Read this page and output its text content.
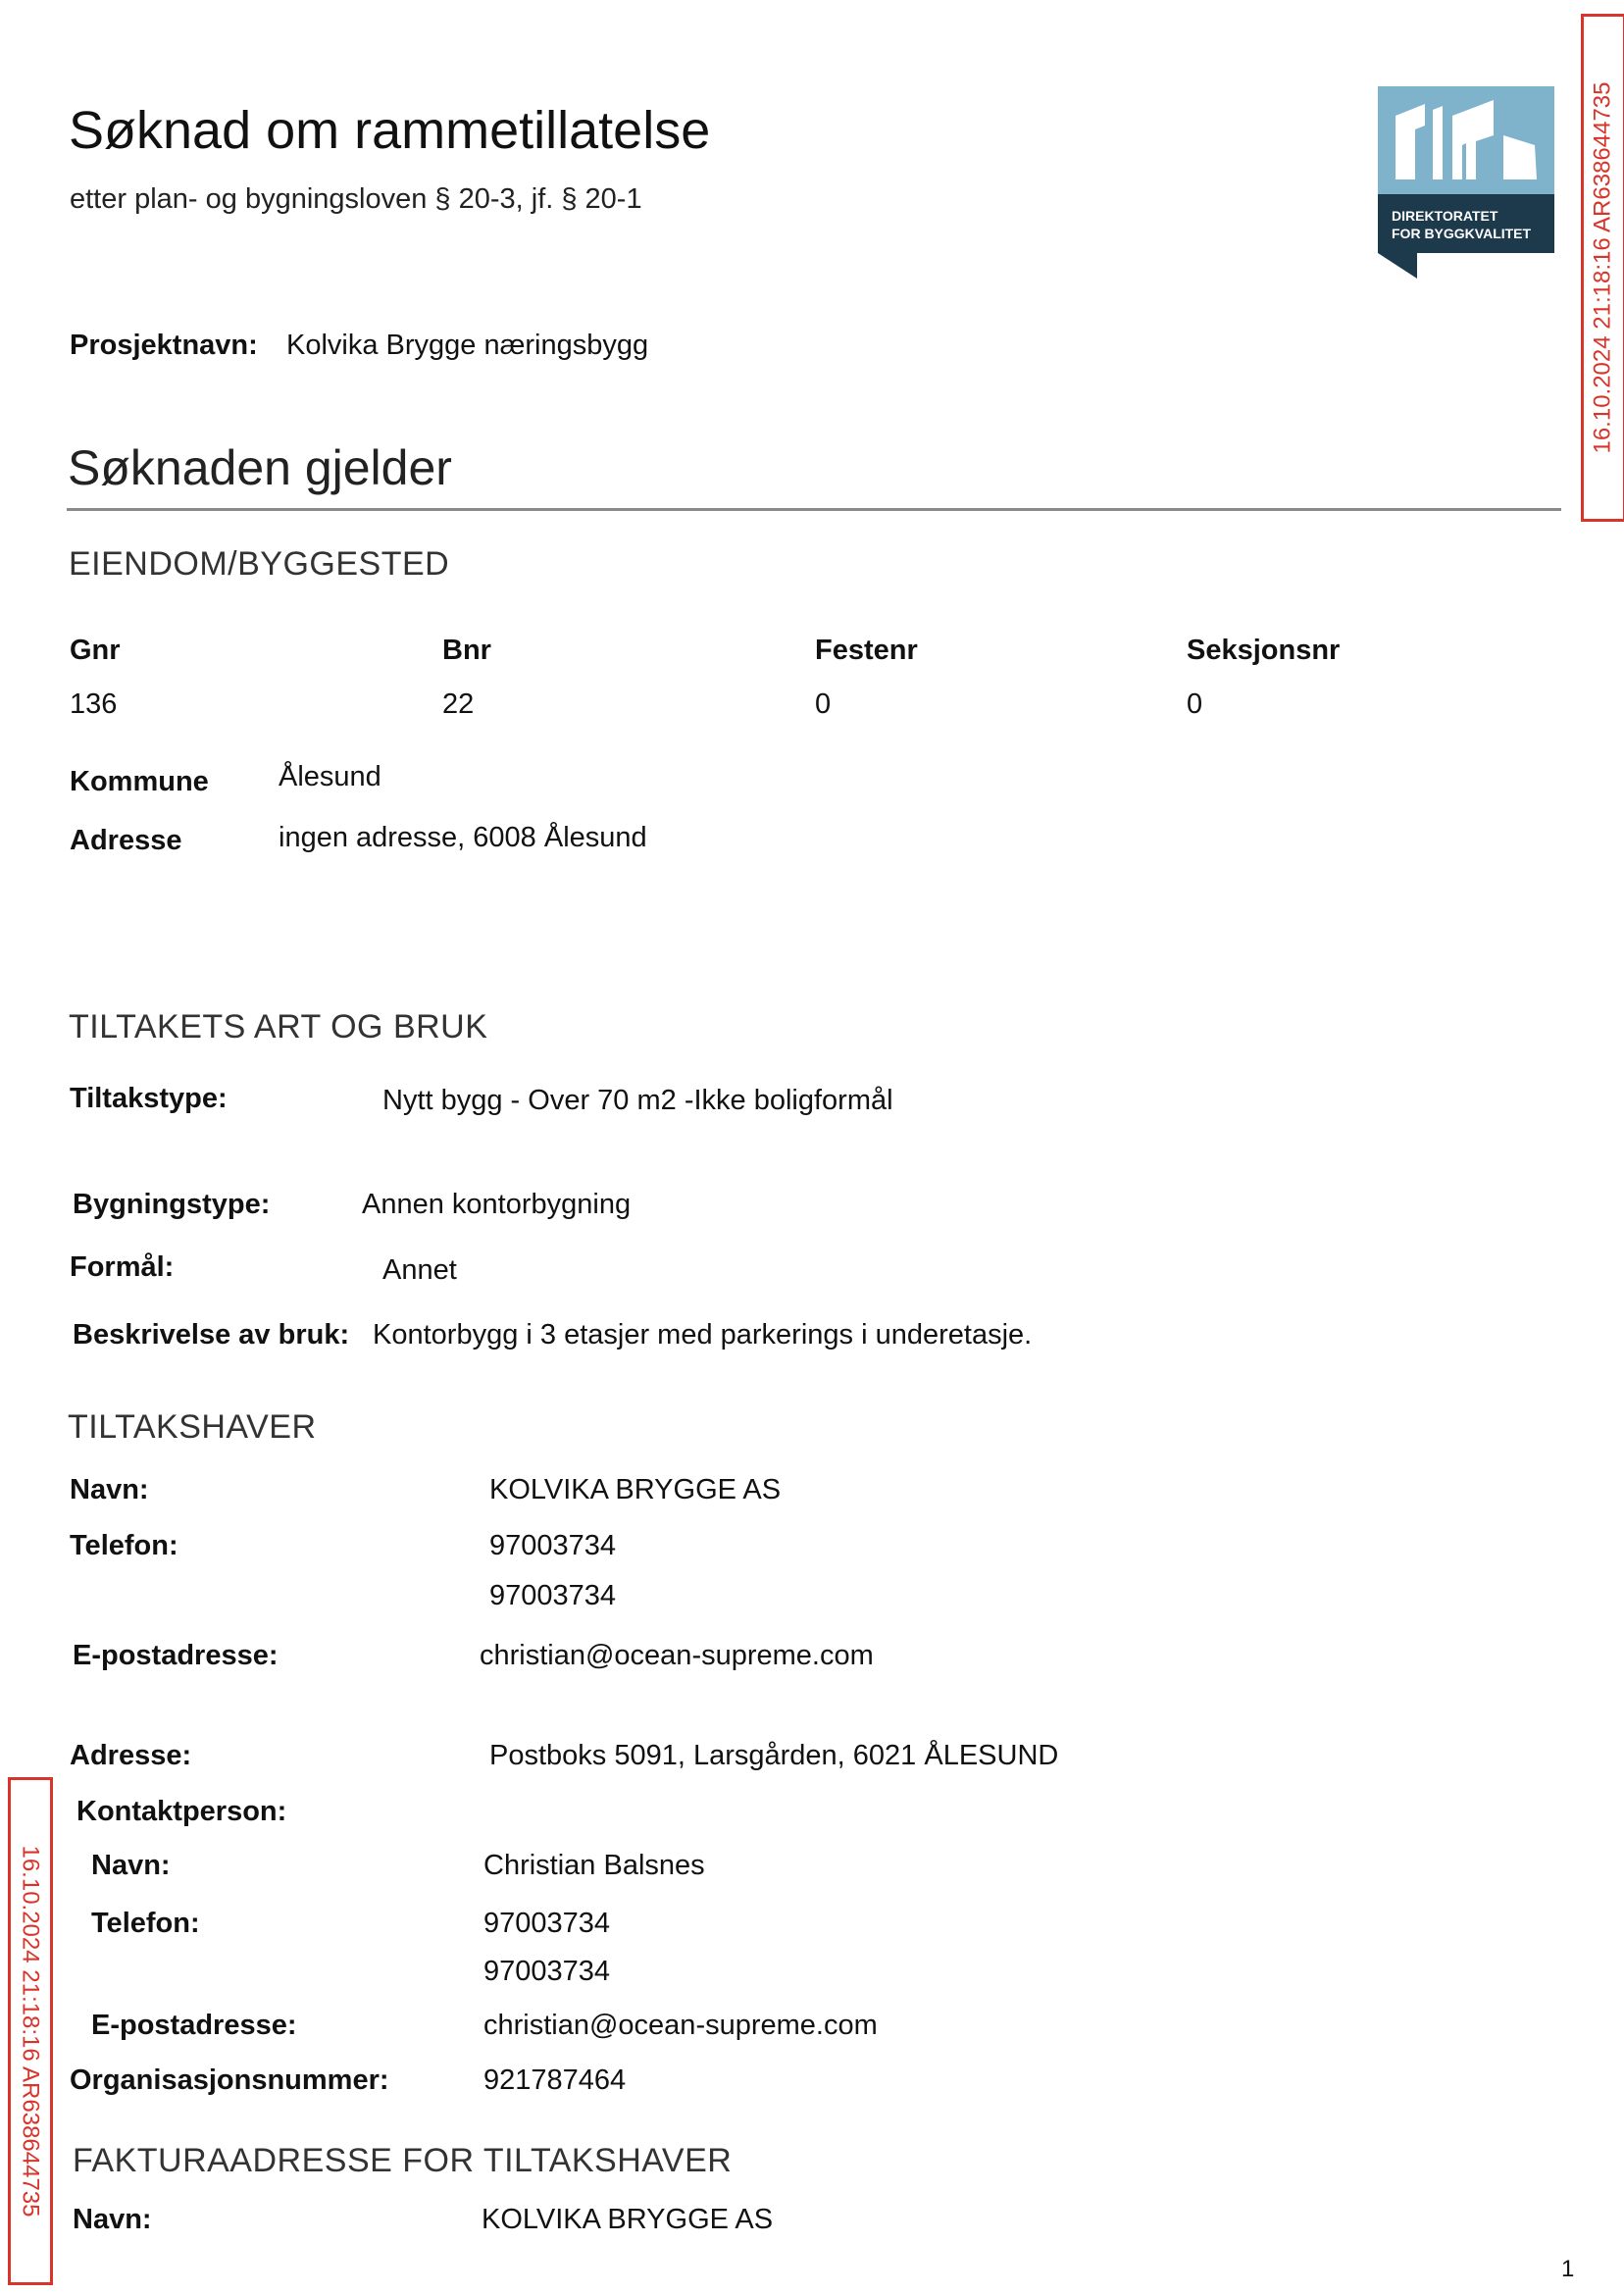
Søknad om rammetillatelse
etter plan- og bygningsloven § 20-3, jf. § 20-1
DIREKTORATET
FOR BYGGKVALITET 16.10.2024 21:18:16 AR638644735
Prosjektnavn: Kolvika Brygge næringsbygg
Søknaden gjelder
EIENDOM/BYGGESTED
Gnr	Bnr	Festenr	Seksjonsnr
136	22	0	0
Kommune Ålesund
Adresse	ingen adresse, 6008 Ålesund
TILTAKETS ART OG BRUK
Tiltakstype:	Nytt bygg - Over 70 m2 -Ikke boligformål
Bygningstype:	Annen kontorbygning
Formål:	Annet
Beskrivelse av bruk: Kontorbygg i 3 etasjer med parkerings i underetasje.
TILTAKSHAVER
Navn:	KOLVIKA BRYGGE AS
Telefon:	97003734
97003734
E-postadresse:	christian@ocean-supreme.com
Adresse:	Postboks 5091, Larsgården, 6021 ÅLESUND
Kontaktperson:
Navn:	Christian Balsnes
Telefon:	97003734
97003734
E-postadresse:	christian@ocean-supreme.com
Organisasjonsnummer:	921787464
FAKTURAADRESSE FOR TILTAKSHAVER
Navn:	KOLVIKA BRYGGE AS
16.10.2024 21:18:16 AR638644735
1
